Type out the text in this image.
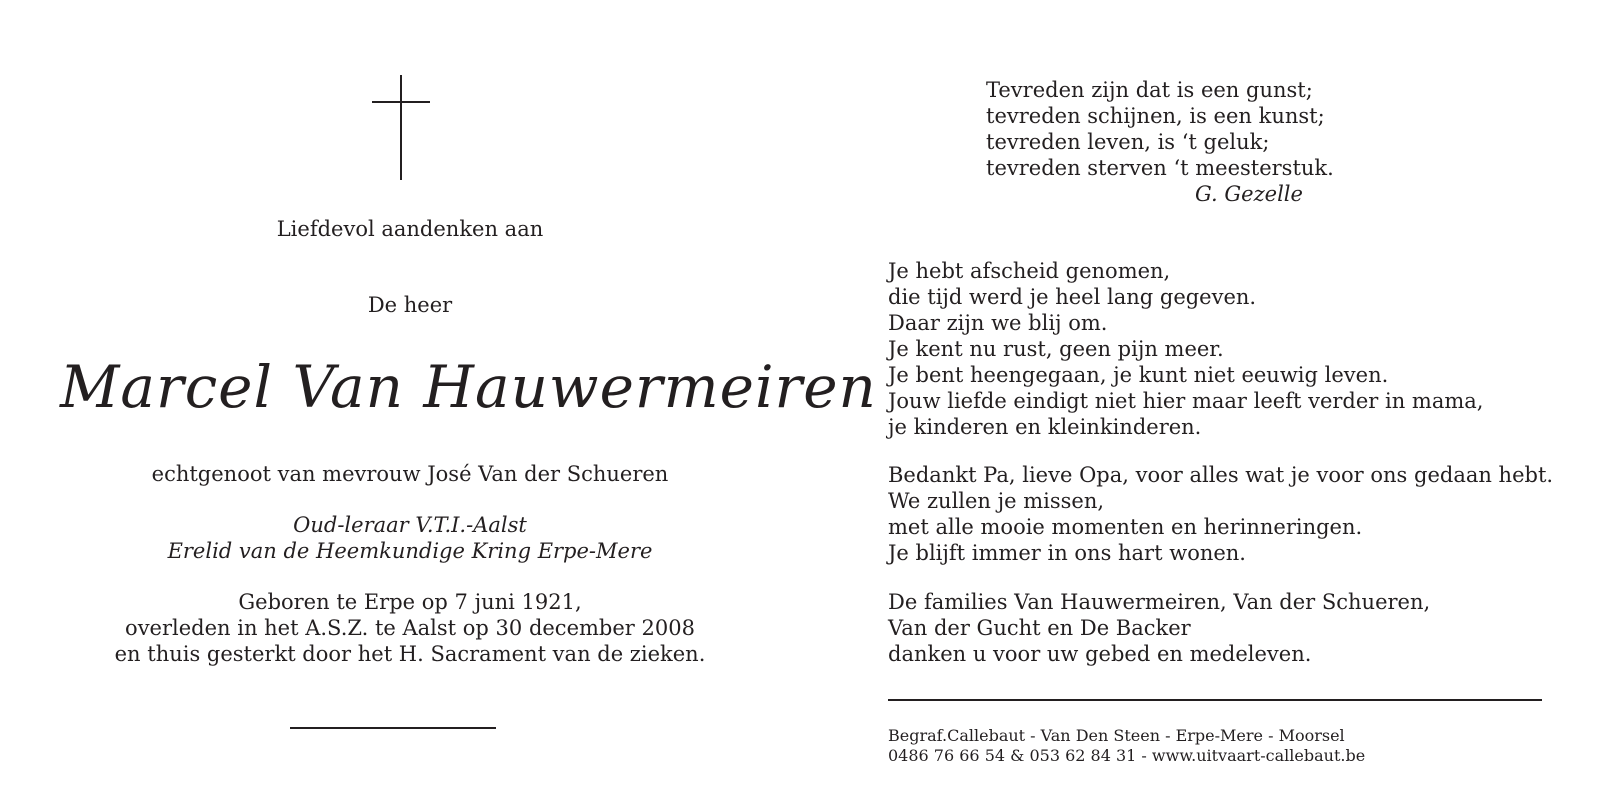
Liefdevol aandenken aan
De heer
Marcel Van Hauwermeiren
echtgenoot van mevrouw José Van der Schueren
Oud-leraar V.T.I.-Aalst
Erelid van de Heemkundige Kring Erpe-Mere
Geboren te Erpe op 7 juni 1921,
overleden in het A.S.Z. te Aalst op 30 december 2008
en thuis gesterkt door het H. Sacrament van de zieken.
Tevreden zijn dat is een gunst;
tevreden schijnen, is een kunst;
tevreden leven, is ‘t geluk;
tevreden sterven ‘t meesterstuk.
G. Gezelle
Je hebt afscheid genomen,
die tijd werd je heel lang gegeven.
Daar zijn we blij om.
Je kent nu rust, geen pijn meer.
Je bent heengegaan, je kunt niet eeuwig leven.
Jouw liefde eindigt niet hier maar leeft verder in mama,
je kinderen en kleinkinderen.
Bedankt Pa, lieve Opa, voor alles wat je voor ons gedaan hebt.
We zullen je missen,
met alle mooie momenten en herinneringen.
Je blijft immer in ons hart wonen.
De families Van Hauwermeiren, Van der Schueren,
Van der Gucht en De Backer
danken u voor uw gebed en medeleven.
Begraf.Callebaut - Van Den Steen - Erpe-Mere - Moorsel
0486 76 66 54 & 053 62 84 31 - www.uitvaart-callebaut.be
